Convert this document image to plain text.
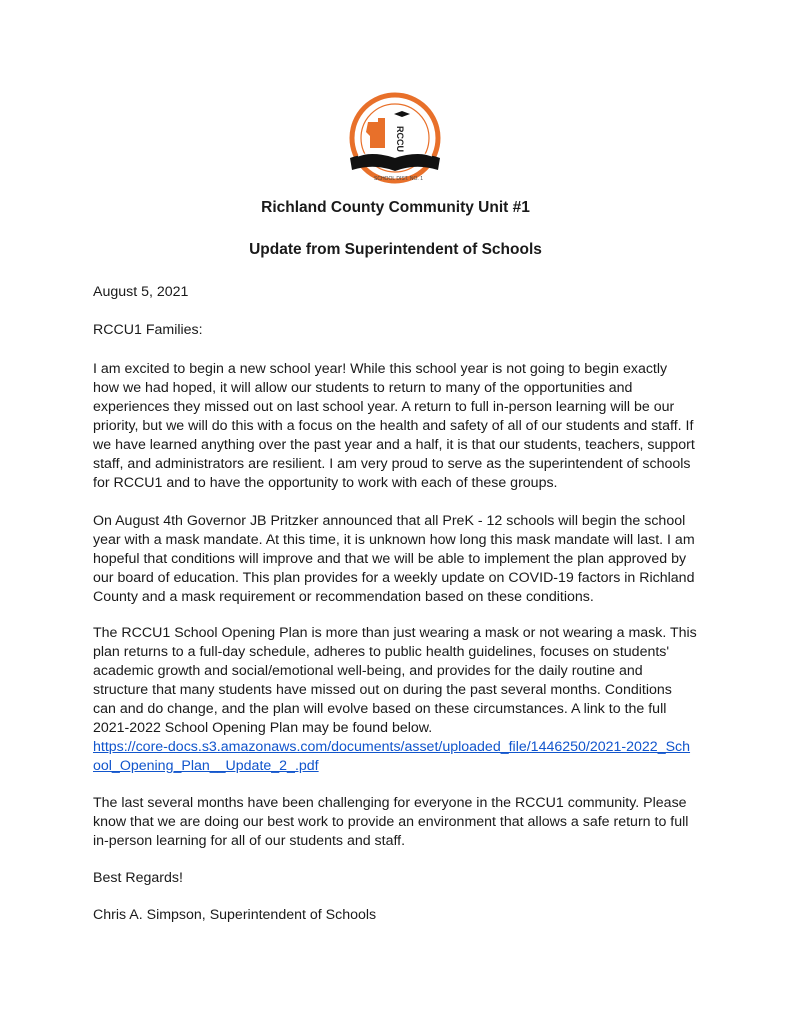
RCCU
SCHOOL DIST. NO. 1
Richland County Community Unit #1
Update from Superintendent of Schools

August 5, 2021

RCCU1 Families:

I am excited to begin a new school year! While this school year is not going to begin exactly
how we had hoped, it will allow our students to return to many of the opportunities and
experiences they missed out on last school year. A return to full in-person learning will be our
priority, but we will do this with a focus on the health and safety of all of our students and staff. If
we have learned anything over the past year and a half, it is that our students, teachers, support
staff, and administrators are resilient. I am very proud to serve as the superintendent of schools
for RCCU1 and to have the opportunity to work with each of these groups.

On August 4th Governor JB Pritzker announced that all PreK - 12 schools will begin the school
year with a mask mandate. At this time, it is unknown how long this mask mandate will last. I am
hopeful that conditions will improve and that we will be able to implement the plan approved by
our board of education. This plan provides for a weekly update on COVID-19 factors in Richland
County and a mask requirement or recommendation based on these conditions.

The RCCU1 School Opening Plan is more than just wearing a mask or not wearing a mask. This
plan returns to a full-day schedule, adheres to public health guidelines, focuses on students'
academic growth and social/emotional well-being, and provides for the daily routine and
structure that many students have missed out on during the past several months. Conditions
can and do change, and the plan will evolve based on these circumstances. A link to the full
2021-2022 School Opening Plan may be found below.
https://core-docs.s3.amazonaws.com/documents/asset/uploaded_file/1446250/2021-2022_Sch
ool_Opening_Plan__Update_2_.pdf

The last several months have been challenging for everyone in the RCCU1 community. Please
know that we are doing our best work to provide an environment that allows a safe return to full
in-person learning for all of our students and staff.

Best Regards!

Chris A. Simpson, Superintendent of Schools
